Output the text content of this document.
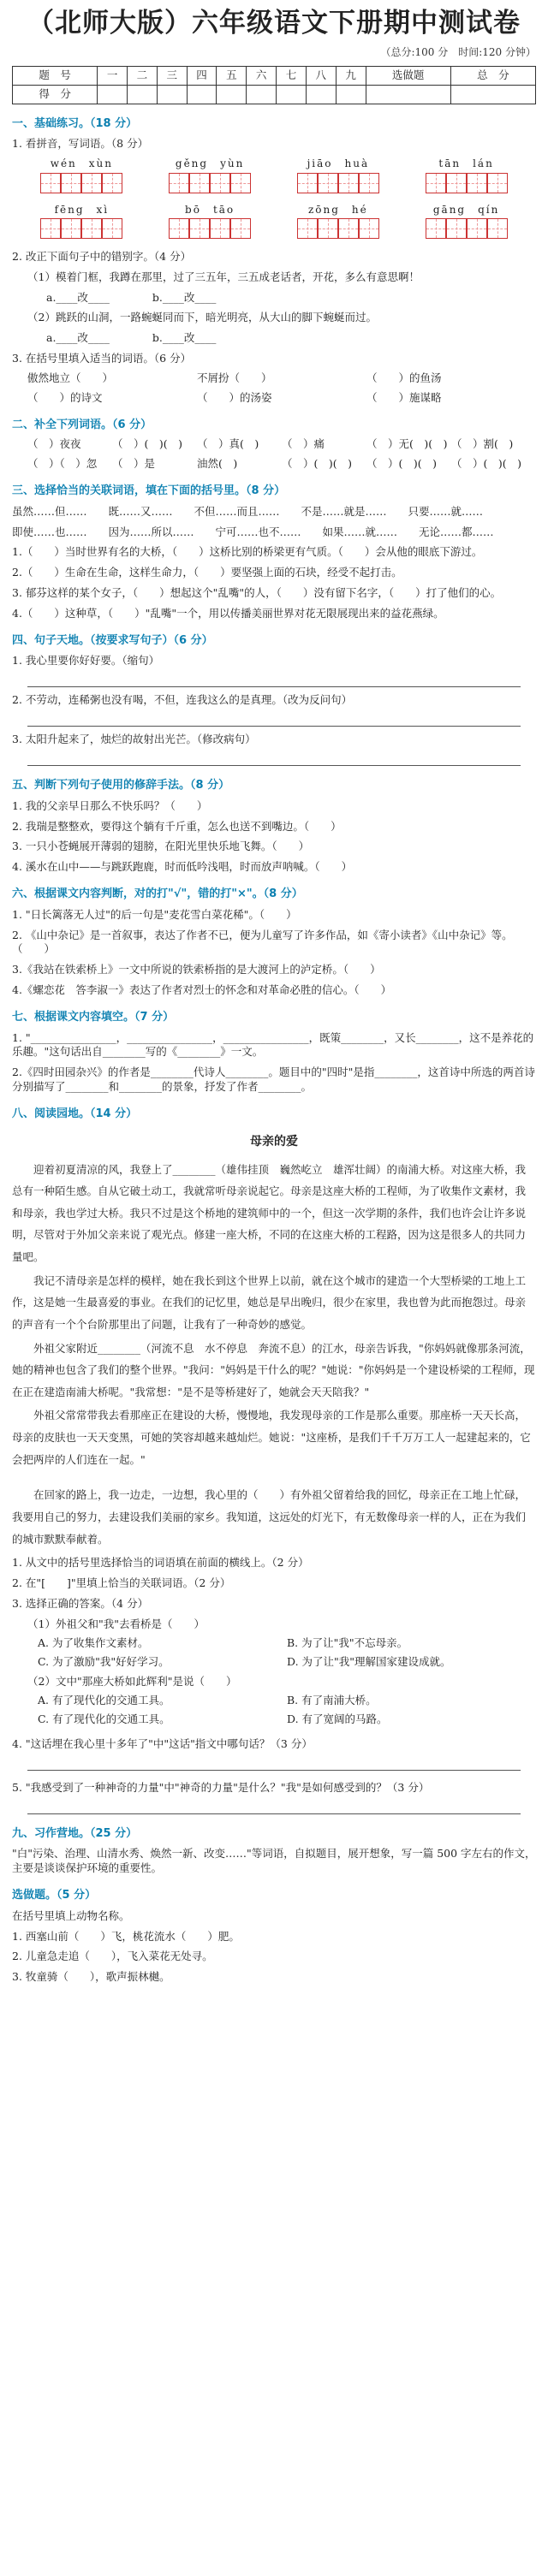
（北师大版）六年级语文下册期中测试卷
（总分:100 分　时间:120 分钟）
题　号	一	二	三	四	五	六	七	八	九	选做题	总　分
得　分											
一、基础练习。（18 分）
1. 看拼音，写词语。（8 分）
wén　xùn	gěng　yùn	jiāo　huà	tān　lán
fēng　xì	bō　tāo	zōng　hé	gāng　qín
2. 改正下面句子中的错别字。（4 分）
（1）模着门框，我蹲在那里，过了三五年，三五成老话者，开花，多么有意思啊！
a.____改____　　　　b.____改____
（2）跳跃的山洞，一路蜿蜒同而下，暗光明亮，从大山的脚下蜿蜒而过。
a.____改____　　　　b.____改____
3. 在括号里填入适当的词语。（6 分）
傲然地立（　　）	不屑扮（　　）	（　　）的鱼汤
（　　）的诗文	（　　）的汤姿	（　　）施谋略
二、补全下列词语。（6 分）
（　）夜夜	（　）(　)(　)	（　）真(　)	（　）痛	（　）无(　)(　) （　）割(　)
（　）（　）忽	（　）是	油然(　)	（　）(　)(　)	（　）(　)(　)	（　）(　)(　)
三、选择恰当的关联词语，填在下面的括号里。（8 分）
虽然……但……　　既……又……　　不但……而且……　　不是……就是……　　只要……就……
即使……也……　　因为……所以……　　宁可……也不……　　如果……就……　　无论……都……
1.（　　）当时世界有名的大桥，（　　）这桥比别的桥梁更有气质。（　　）会从他的眼底下游过。
2.（　　）生命在生命，这样生命力，（　　）要坚强上面的石块，经受不起打击。
3. 郁芬这样的某个女子，（　　）想起这个"乱嘴"的人，（　　）没有留下名字，（　　）打了他们的心。
4.（　　）这种草，（　　）"乱嘴"一个，用以传播美丽世界对花无限展现出来的益花燕绿。
四、句子天地。（按要求写句子）（6 分）
1. 我心里要你好好要。（缩句）
2. 不劳动，连稀粥也没有喝，不但，连我这么的是真理。（改为反问句）
3. 太阳升起来了，烛烂的故射出光芒。（修改病句）
五、判断下列句子使用的修辞手法。（8 分）
1. 我的父亲早日那么不快乐吗？（　　）
2. 我瑞是整整欢，要得这个躺有千斤重，怎么也送不到嘴边。（　　）
3. 一只小苍蝇展开薄弱的翅膀，在阳光里快乐地飞舞。（　　）
4. 溪水在山中——与跳跃跑鹿，时而低吟浅唱，时而放声呐喊。（　　）
六、根据课文内容判断，对的打"√"，错的打"×"。（8 分）
1. "日长篱落无人过"的后一句是"麦花雪白菜花稀"。（　　）
2. 《山中杂记》是一首叙事，表达了作者不已，便为儿童写了许多作品，如《寄小读者》《山中杂记》等。（　　）
3.《我站在铁索桥上》一文中所说的铁索桥指的是大渡河上的泸定桥。（　　）
4.《螺恋花　答李淑一》表达了作者对烈士的怀念和对革命必胜的信心。（　　）
七、根据课文内容填空。（7 分）
1. "________________，________________，________________，既策________，又长________，这不是养花的乐趣。"这句话出自________写的《________》一文。
2.《四时田园杂兴》的作者是________代诗人________。题目中的"四时"是指________，这首诗中所选的两首诗分别描写了________和________的景象，抒发了作者________。
八、阅读园地。（14 分）
母亲的爱

迎着初夏清凉的风，我登上了________（雄伟挂顶　巍然屹立　雄浑壮阔）的南浦大桥。对这座大桥，我总有一种陌生感。自从它破土动工，我就常听母亲说起它。母亲是这座大桥的工程师，为了收集作文素材，我和母亲，我也学过大桥。我只不过是这个桥地的建筑师中的一个，但这一次学期的条件，我们也许会让许多说明，尽管对于外加父亲来说了观光点。修建一座大桥，不同的在这座大桥的工程路，因为这是很多人的共同力量吧。

我记不清母亲是怎样的模样，她在我长到这个世界上以前，就在这个城市的建造一个大型桥梁的工地上工作，这是她一生最喜爱的事业。在我们的记忆里，她总是早出晚归，很少在家里，我也曾为此而抱怨过。母亲的声音有一个个台阶那里出了问题，让我有了一种奇妙的感觉。

外祖父家附近________（河流不息　水不停息　奔流不息）的江水，母亲告诉我，"你妈妈就像那条河流，她的精神也包含了我们的整个世界。"我问："妈妈是干什么的呢？"她说："你妈妈是一个建设桥梁的工程师，现在正在建造南浦大桥呢。"我常想："是不是等桥建好了，她就会天天陪我？"

外祖父常常带我去看那座正在建设的大桥，慢慢地，我发现母亲的工作是那么重要。那座桥一天天长高，母亲的皮肤也一天天变黑，可她的笑容却越来越灿烂。她说："这座桥，是我们千千万万工人一起建起来的，它会把两岸的人们连在一起。"

在回家的路上，我一边走，一边想，我心里的（　　）有外祖父留着给我的回忆，母亲正在工地上忙碌，我要用自己的努力，去建设我们美丽的家乡。我知道，这远处的灯光下，有无数像母亲一样的人，正在为我们的城市默默奉献着。

1. 从文中的括号里选择恰当的词语填在前面的横线上。（2 分）
2. 在"[　　]"里填上恰当的关联词语。（2 分）
3. 选择正确的答案。（4 分）
（1）外祖父和"我"去看桥是（　　）
A. 为了收集作文素材。	B. 为了让"我"不忘母亲。
C. 为了激励"我"好好学习。	D. 为了让"我"理解国家建设成就。
（2）文中"那座大桥如此辉利"是说（　　）
A. 有了现代化的交通工具。	B. 有了南浦大桥。
C. 有了现代化的交通工具。	D. 有了宽阔的马路。
4. "这话埋在我心里十多年了"中"这话"指文中哪句话？（3 分）
5. "我感受到了一种神奇的力量"中"神奇的力量"是什么？"我"是如何感受到的？（3 分）
九、习作营地。（25 分）
"白"污染、治理、山清水秀、焕然一新、改变……"等词语，自拟题目，展开想象，写一篇 500 字左右的作文，主要是谈谈保护环境的重要性。
选做题。（5 分）
在括号里填上动物名称。
1. 西塞山前（　　）飞，桃花流水（　　）肥。
2. 儿童急走追（　　），飞入菜花无处寻。
3. 牧童骑（　　），歌声振林樾。
